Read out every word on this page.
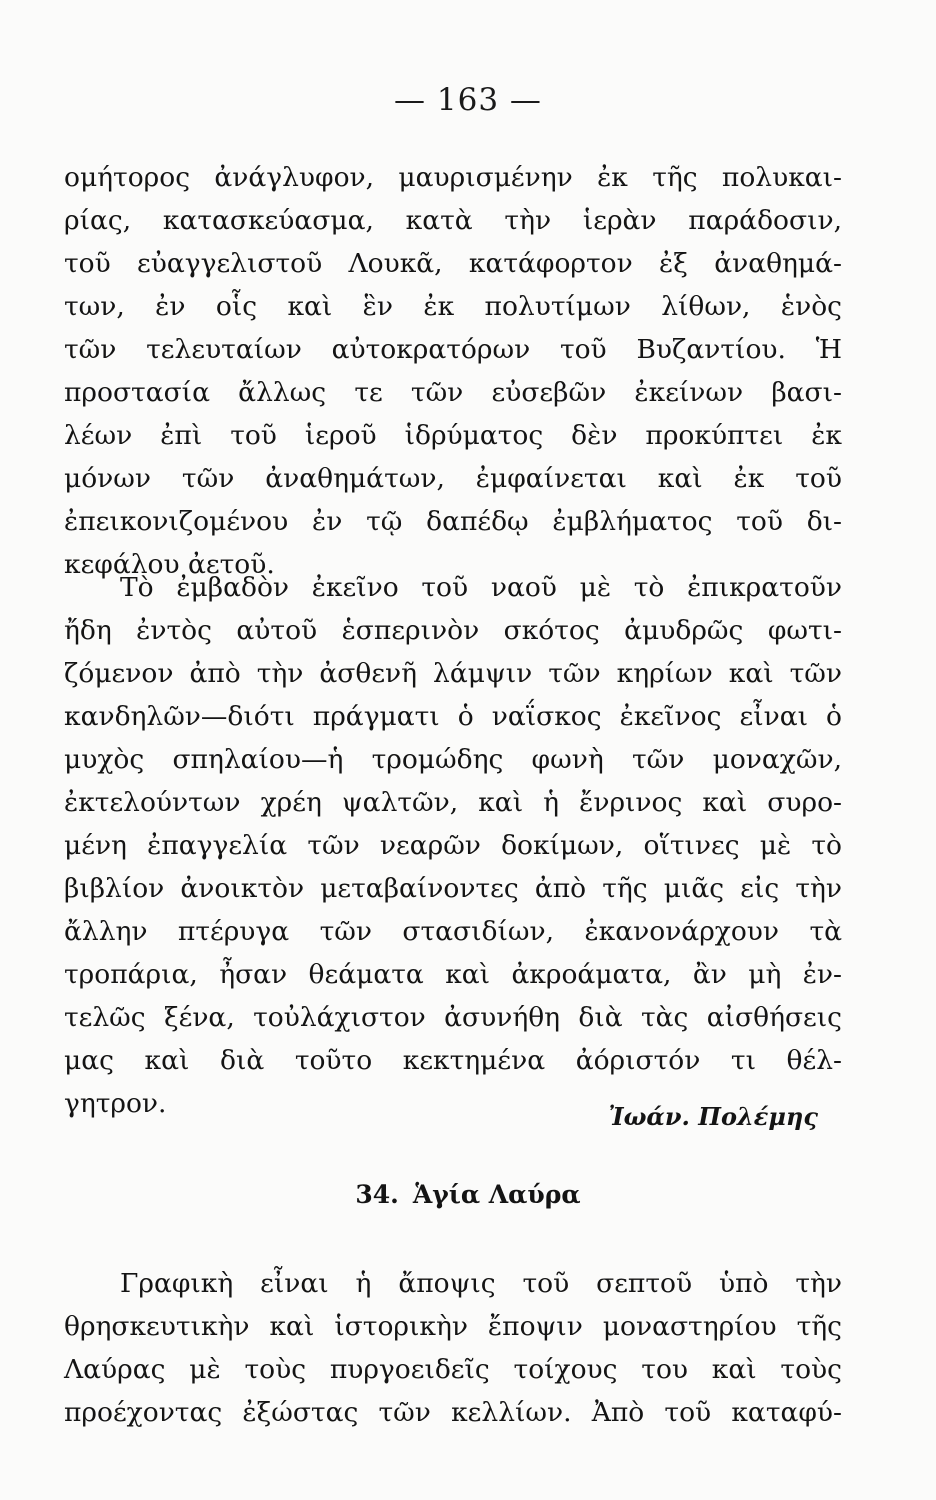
— 163 —
ομήτορος ἀνάγλυφον, μαυρισμένην ἐκ τῆς πολυκαι-
ρίας, κατασκεύασμα, κατὰ τὴν ἱερὰν παράδοσιν,
τοῦ εὐαγγελιστοῦ Λουκᾶ, κατάφορτον ἐξ ἀναθημά-
των, ἐν οἷς καὶ ἓν ἐκ πολυτίμων λίθων, ἑνὸς
τῶν τελευταίων αὐτοκρατόρων τοῦ Βυζαντίου. Ἡ
προστασία ἄλλως τε τῶν εὐσεβῶν ἐκείνων βασι-
λέων ἐπὶ τοῦ ἱεροῦ ἱδρύματος δὲν προκύπτει ἐκ
μόνων τῶν ἀναθημάτων, ἐμφαίνεται καὶ ἐκ τοῦ
ἐπεικονιζομένου ἐν τῷ δαπέδῳ ἐμβλήματος τοῦ δι-
κεφάλου ἀετοῦ.
Τὸ ἐμβαδὸν ἐκεῖνο τοῦ ναοῦ μὲ τὸ ἐπικρατοῦν
ἤδη ἐντὸς αὐτοῦ ἑσπερινὸν σκότος ἀμυδρῶς φωτι-
ζόμενον ἀπὸ τὴν ἀσθενῆ λάμψιν τῶν κηρίων καὶ τῶν
κανδηλῶν—διότι πράγματι ὁ ναΐσκος ἐκεῖνος εἶναι ὁ
μυχὸς σπηλαίου—ἡ τρομώδης φωνὴ τῶν μοναχῶν,
ἐκτελούντων χρέη ψαλτῶν, καὶ ἡ ἔνρινος καὶ συρο-
μένη ἐπαγγελία τῶν νεαρῶν δοκίμων, οἵτινες μὲ τὸ
βιβλίον ἀνοικτὸν μεταβαίνοντες ἀπὸ τῆς μιᾶς εἰς τὴν
ἄλλην πτέρυγα τῶν στασιδίων, ἐκανονάρχουν τὰ
τροπάρια, ἦσαν θεάματα καὶ ἀκροάματα, ἂν μὴ ἐν-
τελῶς ξένα, τοὐλάχιστον ἀσυνήθη διὰ τὰς αἰσθήσεις
μας καὶ διὰ τοῦτο κεκτημένα ἀόριστόν τι θέλ-
γητρον.	Ἰωάν. Πολέμης
34. Ἁγία Λαύρα
Γραφικὴ εἶναι ἡ ἄποψις τοῦ σεπτοῦ ὑπὸ τὴν
θρησκευτικὴν καὶ ἱστορικὴν ἔποψιν μοναστηρίου τῆς
Λαύρας μὲ τοὺς πυργοειδεῖς τοίχους του καὶ τοὺς
προέχοντας ἐξώστας τῶν κελλίων. Ἀπὸ τοῦ καταφύ-
